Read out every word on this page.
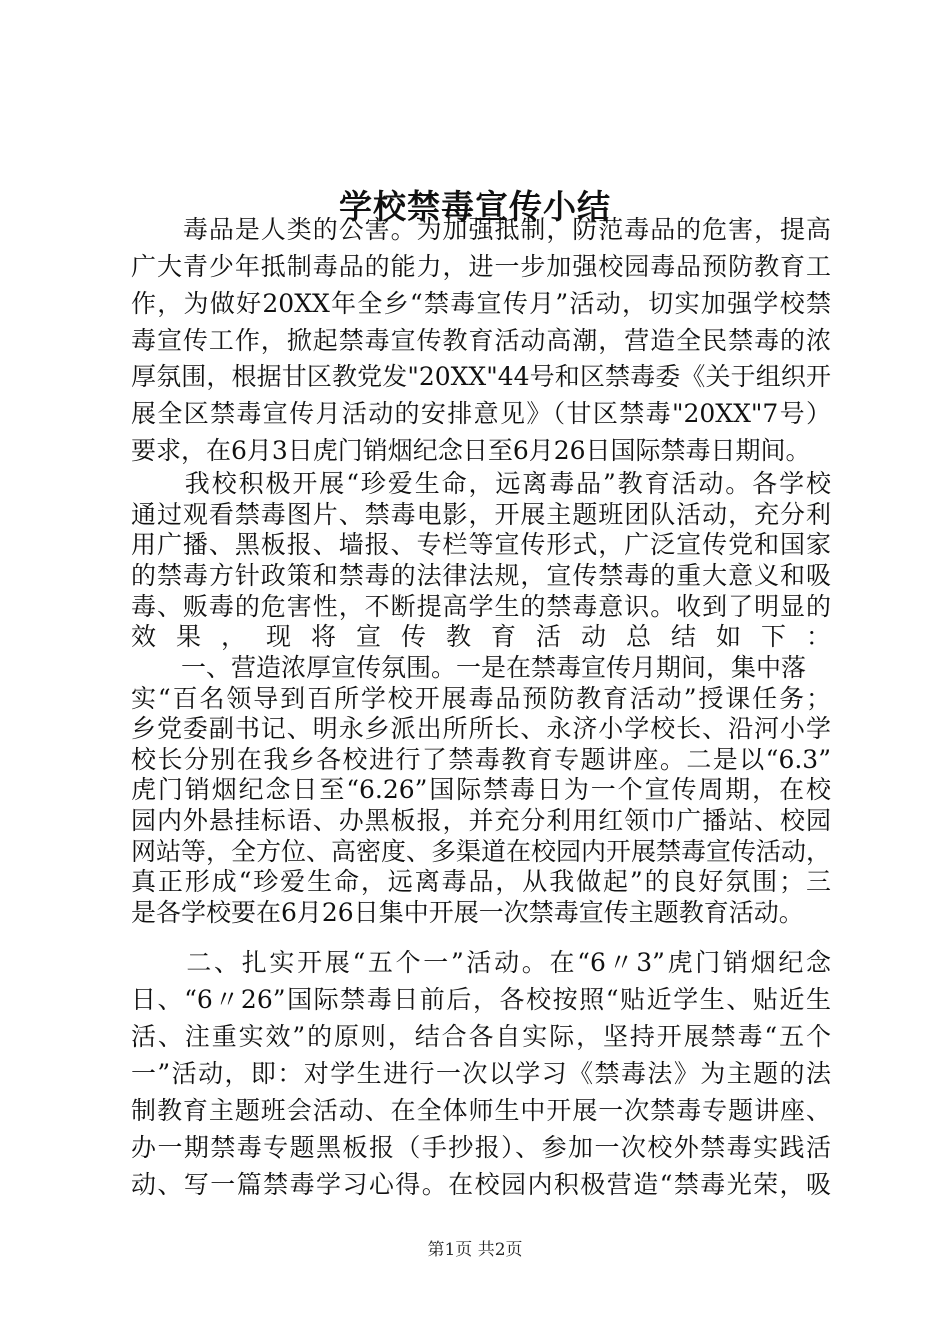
学校禁毒宣传小结
　　毒品是人类的公害。为加强抵制，防范毒品的危害，提高
广大青少年抵制毒品的能力，进一步加强校园毒品预防教育工
作，为做好20XX年全乡“禁毒宣传月”活动，切实加强学校禁
毒宣传工作，掀起禁毒宣传教育活动高潮，营造全民禁毒的浓
厚氛围，根据甘区教党发"20XX"44号和区禁毒委《关于组织开
展全区禁毒宣传月活动的安排意见》（甘区禁毒"20XX"7号）
要求，在6月3日虎门销烟纪念日至6月26日国际禁毒日期间。
　　我校积极开展“珍爱生命，远离毒品”教育活动。各学校
通过观看禁毒图片、禁毒电影，开展主题班团队活动，充分利
用广播、黑板报、墙报、专栏等宣传形式，广泛宣传党和国家
的禁毒方针政策和禁毒的法律法规，宣传禁毒的重大意义和吸
毒、贩毒的危害性，不断提高学生的禁毒意识。收到了明显的
效果，现将宣传教育活动总结如下：
　　一、营造浓厚宣传氛围。一是在禁毒宣传月期间，集中落
实“百名领导到百所学校开展毒品预防教育活动”授课任务；
乡党委副书记、明永乡派出所所长、永济小学校长、沿河小学
校长分别在我乡各校进行了禁毒教育专题讲座。二是以“6.3”
虎门销烟纪念日至“6.26”国际禁毒日为一个宣传周期，在校
园内外悬挂标语、办黑板报，并充分利用红领巾广播站、校园
网站等，全方位、高密度、多渠道在校园内开展禁毒宣传活动，
真正形成“珍爱生命，远离毒品，从我做起”的良好氛围；三
是各学校要在6月26日集中开展一次禁毒宣传主题教育活动。
　　二、扎实开展“五个一”活动。在“6〃3”虎门销烟纪念
日、“6〃26”国际禁毒日前后，各校按照“贴近学生、贴近生
活、注重实效”的原则，结合各自实际，坚持开展禁毒“五个
一”活动，即：对学生进行一次以学习《禁毒法》为主题的法
制教育主题班会活动、在全体师生中开展一次禁毒专题讲座、
办一期禁毒专题黑板报（手抄报）、参加一次校外禁毒实践活
动、写一篇禁毒学习心得。在校园内积极营造“禁毒光荣，吸
第1页 共2页
